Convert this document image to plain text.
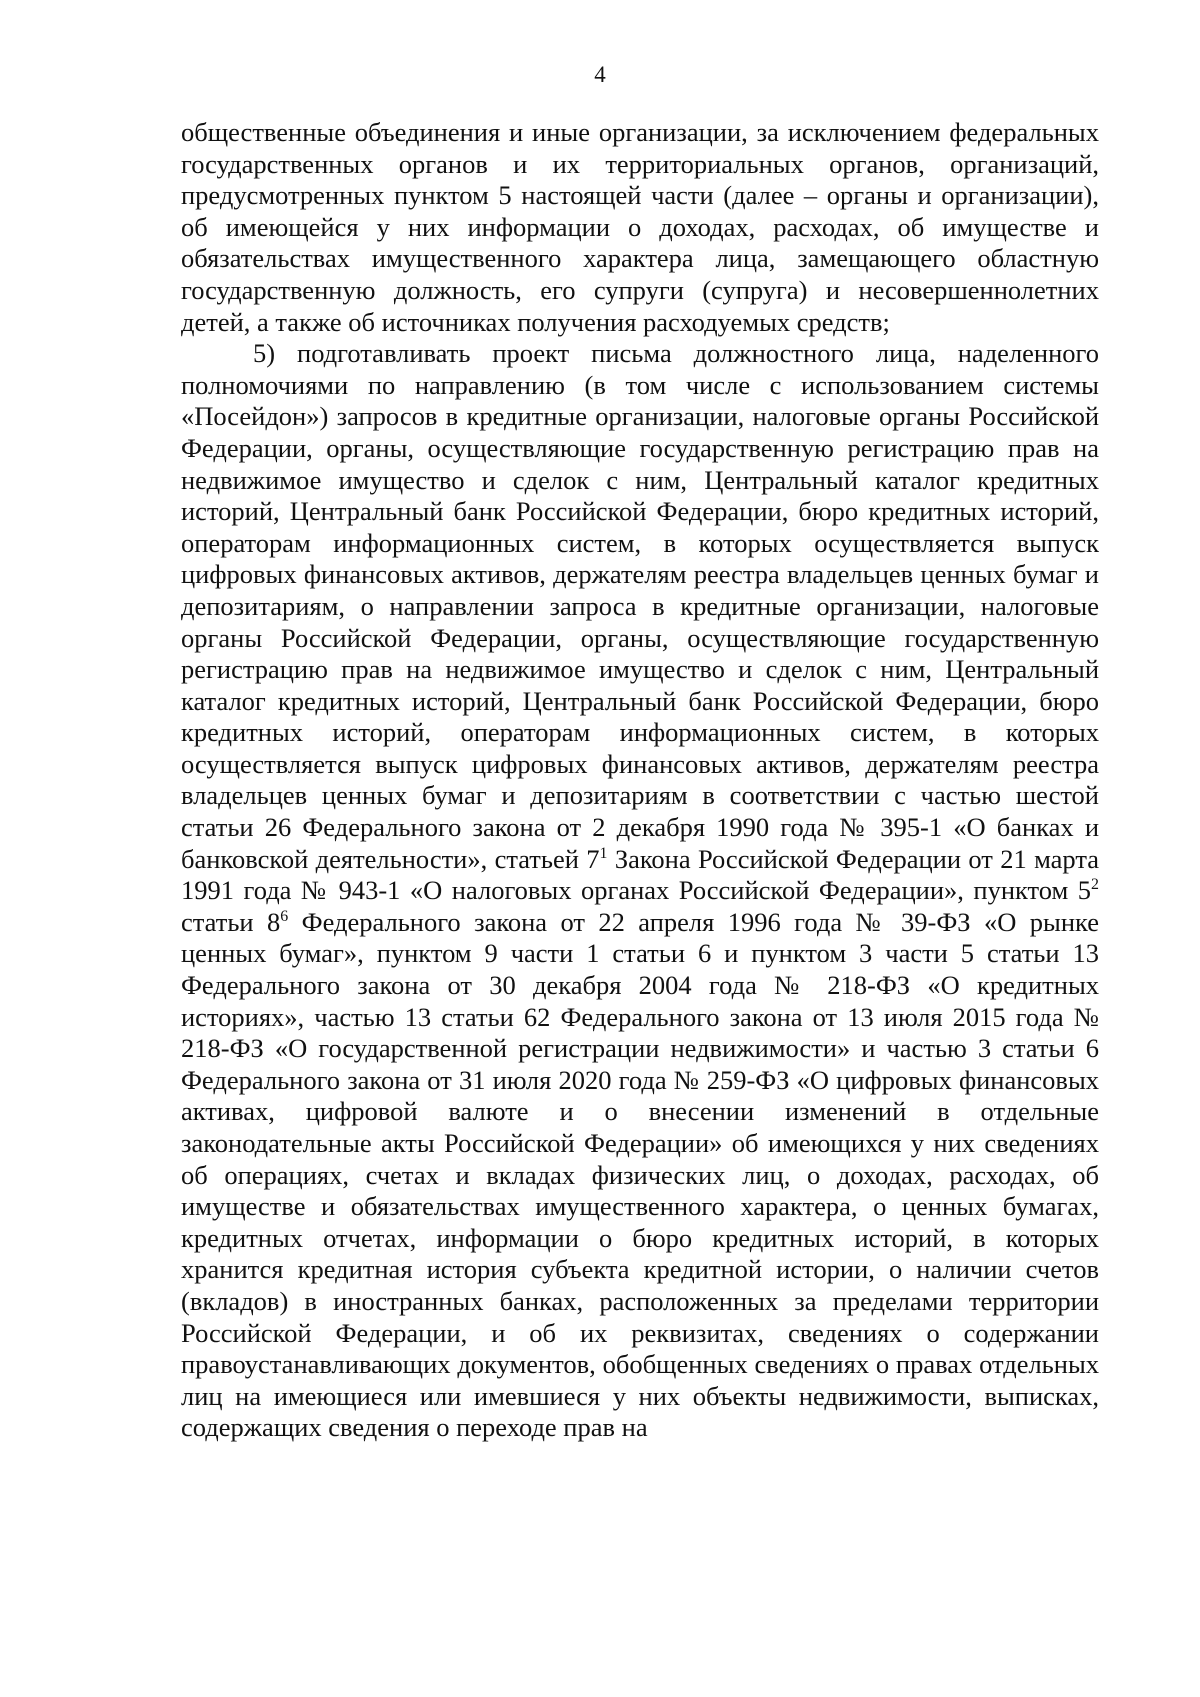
4

общественные объединения и иные организации, за исключением федеральных государственных органов и их территориальных органов, организаций, предусмотренных пунктом 5 настоящей части (далее – органы и организации), об имеющейся у них информации о доходах, расходах, об имуществе и обязательствах имущественного характера лица, замещающего областную государственную должность, его супруги (супруга) и несовершеннолетних детей, а также об источниках получения расходуемых средств;

5) подготавливать проект письма должностного лица, наделенного полномочиями по направлению (в том числе с использованием системы «Посейдон») запросов в кредитные организации, налоговые органы Российской Федерации, органы, осуществляющие государственную регистрацию прав на недвижимое имущество и сделок с ним, Центральный каталог кредитных историй, Центральный банк Российской Федерации, бюро кредитных историй, операторам информационных систем, в которых осуществляется выпуск цифровых финансовых активов, держателям реестра владельцев ценных бумаг и депозитариям, о направлении запроса в кредитные организации, налоговые органы Российской Федерации, органы, осуществляющие государственную регистрацию прав на недвижимое имущество и сделок с ним, Центральный каталог кредитных историй, Центральный банк Российской Федерации, бюро кредитных историй, операторам информационных систем, в которых осуществляется выпуск цифровых финансовых активов, держателям реестра владельцев ценных бумаг и депозитариям в соответствии с частью шестой статьи 26 Федерального закона от 2 декабря 1990 года № 395-1 «О банках и банковской деятельности», статьей $7^1$ Закона Российской Федерации от 21 марта 1991 года № 943-1 «О налоговых органах Российской Федерации», пунктом $5^2$ статьи $8^6$ Федерального закона от 22 апреля 1996 года № 39-ФЗ «О рынке ценных бумаг», пунктом 9 части 1 статьи 6 и пунктом 3 части 5 статьи 13 Федерального закона от 30 декабря 2004 года № 218-ФЗ «О кредитных историях», частью 13 статьи 62 Федерального закона от 13 июля 2015 года № 218-ФЗ «О государственной регистрации недвижимости» и частью 3 статьи 6 Федерального закона от 31 июля 2020 года № 259-ФЗ «О цифровых финансовых активах, цифровой валюте и о внесении изменений в отдельные законодательные акты Российской Федерации» об имеющихся у них сведениях об операциях, счетах и вкладах физических лиц, о доходах, расходах, об имуществе и обязательствах имущественного характера, о ценных бумагах, кредитных отчетах, информации о бюро кредитных историй, в которых хранится кредитная история субъекта кредитной истории, о наличии счетов (вкладов) в иностранных банках, расположенных за пределами территории Российской Федерации, и об их реквизитах, сведениях о содержании правоустанавливающих документов, обобщенных сведениях о правах отдельных лиц на имеющиеся или имевшиеся у них объекты недвижимости, выписках, содержащих сведения о переходе прав на
